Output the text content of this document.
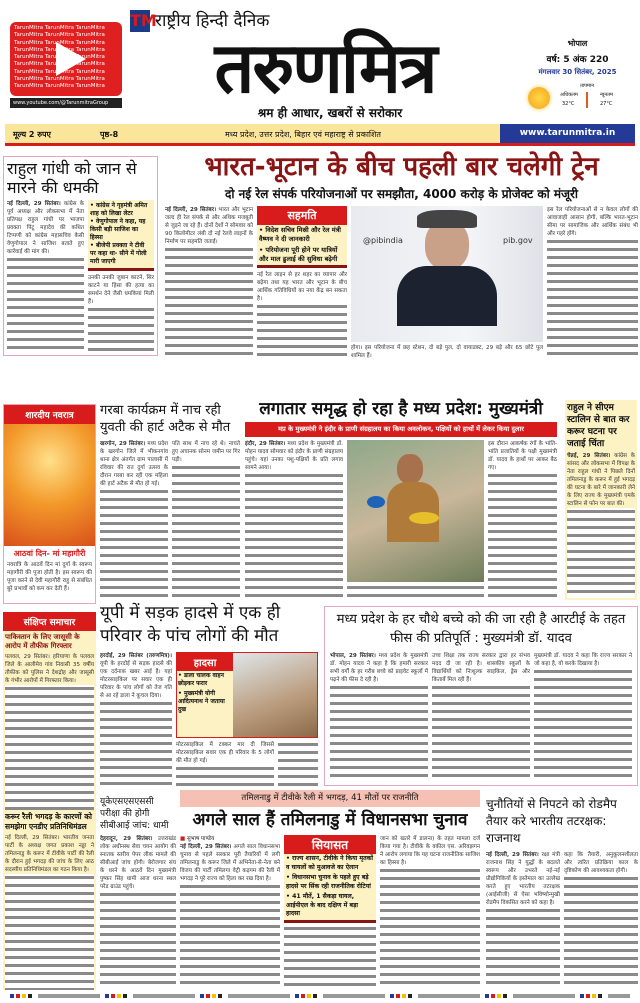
TarunMitra TarunMitra TarunMitra
TarunMitra TarunMitra TarunMitra
TarunMitra TarunMitra TarunMitra
TarunMitra TarunMitra TarunMitra
TarunMitra TarunMitra TarunMitra
TarunMitra TarunMitra TarunMitra
TarunMitra TarunMitra TarunMitra
TarunMitra TarunMitra TarunMitra
TarunMitra TarunMitra TarunMitra
www.youtube.com/@TarunmitraGroup
TM
राष्ट्रीय हिन्दी दैनिक
तरुणमित्र
श्रम ही आधार, खबरों से सरोकार
भोपाल
वर्ष: 5 अंक 220
मंगलवार 30 सितंबर, 2025
तापमान
अधिकतम
32°C
न्यूनतम
27°C
मूल्य 2 रुपए	पृष्ठ-8	मध्य प्रदेश, उत्तर प्रदेश, बिहार एवं महाराष्ट्र से प्रकाशित	www.tarunmitra.in
राहुल गांधी को जान से मारने की धमकी
नई दिल्ली, 29 सितंबर। कांग्रेस के पूर्व अध्यक्ष और लोकसभा में नेता प्रतिपक्ष राहुल गांधी पर भाजपा प्रवक्ता पिंटू महादेव की कथित टिप्पणी को कांग्रेस महासचिव केसी वेणुगोपाल ने साजिश बताते हुए कार्रवाई की मांग की।
• कांग्रेस ने गृहमंत्री अमित शाह को लिखा लेटर
• वेणुगोपाल ने कहा, यह किसी बड़ी साजिश का हिस्सा
• बीजेपी प्रवक्ता ने टीवी पर कहा था- सीने में गोली मारी जाएगी
उनकी उनकी जुबान काटने, सिर काटने या हिंसा की हत्या का समर्थन देने जैसी धमकियां मिली हैं।
भारत-भूटान के बीच पहली बार चलेगी ट्रेन
दो नई रेल संपर्क परियोजनाओं पर समझौता, 4000 करोड़ के प्रोजेक्ट को मंजूरी
नई दिल्ली, 29 सितंबर। भारत और भूटान जल्द ही रेल संपर्क से और अधिक मजबूती से जुड़ने जा रहे हैं। दोनों देशों ने सोमवार को 90 किलोमीटर लंबी दो नई रेलवे लाइनों के निर्माण पर सहमति जताई।
सहमति
• विदेश सचिव मिस्री और रेल मंत्री वैष्णव ने दी जानकारी
• परियोजना पूरी होने पर यात्रियों और माल ढुलाई की सुविधा बढ़ेगी
नई रेल लाइन से हर शहर का व्यापार और बढ़ेगा तथा यह भारत और भूटान के बीच आर्थिक गतिविधियों का नया केंद्र बन सकता है।
@pibindia	pib.gov
होगा। इस परियोजना में छह स्टेशन, दो बड़े पुल, दो वायाडक्ट, 29 बड़े और 65 छोटे पुल शामिल हैं।
इस रेल परियोजनाओं से न केवल लोगों की आवाजाही आसान होगी, बल्कि भारत-भूटान सीमा पर सामाजिक और आर्थिक संबंध भी और गहरे होंगे।
शारदीय नवरात्र
आठवां दिन- मां महागौरी
नवरात्रि के आठवें दिन मां दुर्गा के स्वरूप महागौरी की पूजा होती है। इस स्वरूप की पूजा करने से देवी महागौरी राहु से संबंधित बुरे प्रभावों को कम कर देती हैं।
गरबा कार्यक्रम में नाच रही युवती की हार्ट अटैक से मौत
खरगोन, 29 सितंबर। मध्य प्रदेश के खरगोन जिले में भीकनगांव थाना क्षेत्र अंतर्गत ग्राम पालासी में रविवार की रात दुर्गा उत्सव के दौरान गरबा कर रही एक महिला की हार्ट अटैक से मौत हो गई।
पति साथ में नाच रहे थे। नाचते हुए अचानक सोनम जमीन पर गिर पड़ी।
लगातार समृद्ध हो रहा है मध्य प्रदेश: मुख्यमंत्री
मप्र के मुख्यमंत्री ने इंदौर के प्राणी संग्रहालय का किया अवलोकन, पक्षियों को हाथों में लेकर किया दुलार
इंदौर, 29 सितंबर। मध्य प्रदेश के मुख्यमंत्री डॉ. मोहन यादव सोमवार को इंदौर के प्राणी संग्रहालय पहुंचे। यहां उनका पशु-पक्षियों के प्रति लगाव सामने आया।
इस दौरान आकर्षक रंगों के भांति-भांति प्रजातियों के पक्षी मुख्यमंत्री डॉ. यादव के हाथों पर आकर बैठ गए।
राहुल ने सीएम स्टालिन से बात कर करूर घटना पर जताई चिंता
चेन्नई, 29 सितंबर। कांग्रेस के सांसद और लोकसभा में विपक्ष के नेता राहुल गांधी ने पिछले दिनों तमिलनाडु के करूर में हुई भगदड़ की घटना के बारे में जानकारी लेने के लिए राज्य के मुख्यमंत्री एमके स्टालिन से फोन पर बात की।
संक्षिप्त समाचार
पाकिस्तान के लिए जासूसी के आरोप में तौफीक गिरफ्तार
पलवल, 29 सितंबर। हरियाणा के पलवल जिले के आलीमेव गांव निवासी 35 वर्षीय तौफीक को पुलिस ने देशद्रोह और जासूसी के गंभीर आरोपों में गिरफ्तार किया।
करूर रैली भगदड़ के कारणों को समझेगा एनडीए प्रतिनिधिमंडल
नई दिल्ली, 29 सितंबर। भारतीय जनता पार्टी के अध्यक्ष जगत प्रकाश नड्डा ने तमिलनाडु के करूर में टीवीके पार्टी की रैली के दौरान हुई भगदड़ की जांच के लिए आठ सदस्यीय प्रतिनिधिमंडल का गठन किया है।
यूपी में सड़क हादसे में एक ही परिवार के पांच लोगों की मौत
हरदोई, 29 सितंबर (तरुणमित्र)। यूपी के हरदोई से सड़क हादसे की एक दर्दनाक खबर आई है। यहां मोटरसाइकिल पर सवार एक ही परिवार के पांच लोगों को तेज गति से आ रहे डाला ने कुचल दिया।
हादसा
• डाला चालक वाहन छोड़कर फरार
• मुख्यमंत्री योगी आदित्यनाथ ने जताया दुख
मोटरसाइकिल में टक्कर मार दी जिससे मोटरसाइकिल सवार एक ही परिवार के 5 लोगों की मौत हो गई।
मध्य प्रदेश के हर चौथे बच्चे को की जा रही है आरटीई के तहत फीस की प्रतिपूर्ति : मुख्यमंत्री डॉ. यादव
भोपाल, 29 सितंबर। मध्य प्रदेश के मुख्यमंत्री डॉ. मोहन यादव ने कहा है कि हमारी सरकार सभी वर्गों के हर गरीब बच्चे को प्राइवेट स्कूलों में पढ़ने की फीस दे रही है।
उच्च शिक्षा तक राज्य सरकार द्वारा हर संभव मदद दी जा रही है। शासकीय स्कूलों के विद्यार्थियों को निःशुल्क साइकिल, ड्रेस और किताबें मिल रही हैं।
मुख्यमंत्री डॉ. यादव ने कहा कि राज्य सरकार ने जो कहा है, वो करके दिखाया है।
यूकेएसएसएससी परीक्षा की होगी सीबीआई जांच: धामी
देहरादून, 29 सितंबर। उत्तराखंड लोक अधीनस्थ सेवा चयन आयोग की स्नातक स्तरीय पेपर लीक मामले की सीबीआई जांच होगी। बेरोजगार संघ के धरने के आठवें दिन मुख्यमंत्री पुष्कर सिंह धामी आज धरना स्थल परेड ग्राउंड पहुंचे।
तमिलनाडु में टीवीके रैली में भगदड़, 41 मौतों पर राजनीति
अगले साल हैं तमिलनाडु में विधानसभा चुनाव
■ सुभाष पाण्डेय
नई दिल्ली, 29 सितंबर। अगले साल विधानसभा चुनाव से पहले सरकार पूरी तैयारियों में लगी तमिलनाडु के करूर जिले में अभिनेता-से-नेता बने विजय की पार्टी तमिलगा वेट्री कड़गम की रैली में भगदड़ ने पूरे राज्य को हिला कर रख दिया है।
सियासत
• राज्य शासन, टीवीके ने किया मृतकों व घायलों को मुआवजे का ऐलान
• विधानसभा चुनाव के पहले हुए बड़े हादसे पर सिंक रही राजनीतिक रोटियां
• 41 मौतें, 1 सैकड़ा घायल, आईपीएल के बाद दक्षिण में बड़ा हादसा
जान को खतरे में डालना) के तहत मामला दर्ज किया गया है। टीवीके के वकील एस. अरिवझगन ने आरोप लगाया कि यह घटना राजनीतिक साजिश का हिस्सा है।
चुनौतियों से निपटने को रोडमैप तैयार करे भारतीय तटरक्षक: राजनाथ
नई दिल्ली, 29 सितंबर। रक्षा मंत्री राजनाथ सिंह ने युद्धों के बदलते स्वरूप और उभरते नई-नई प्रौद्योगिकियों के इस्तेमाल का उल्लेख करते हुए भारतीय तटरक्षक (आईसीजी) से ऐसा भविष्योन्मुखी रोडमैप विकसित करने को कहा है।
कहा कि तैयारी, अनुकूलनशीलता और त्वरित प्रतिक्रिया काल के दृष्टिकोण की आवश्यकता होगी।
